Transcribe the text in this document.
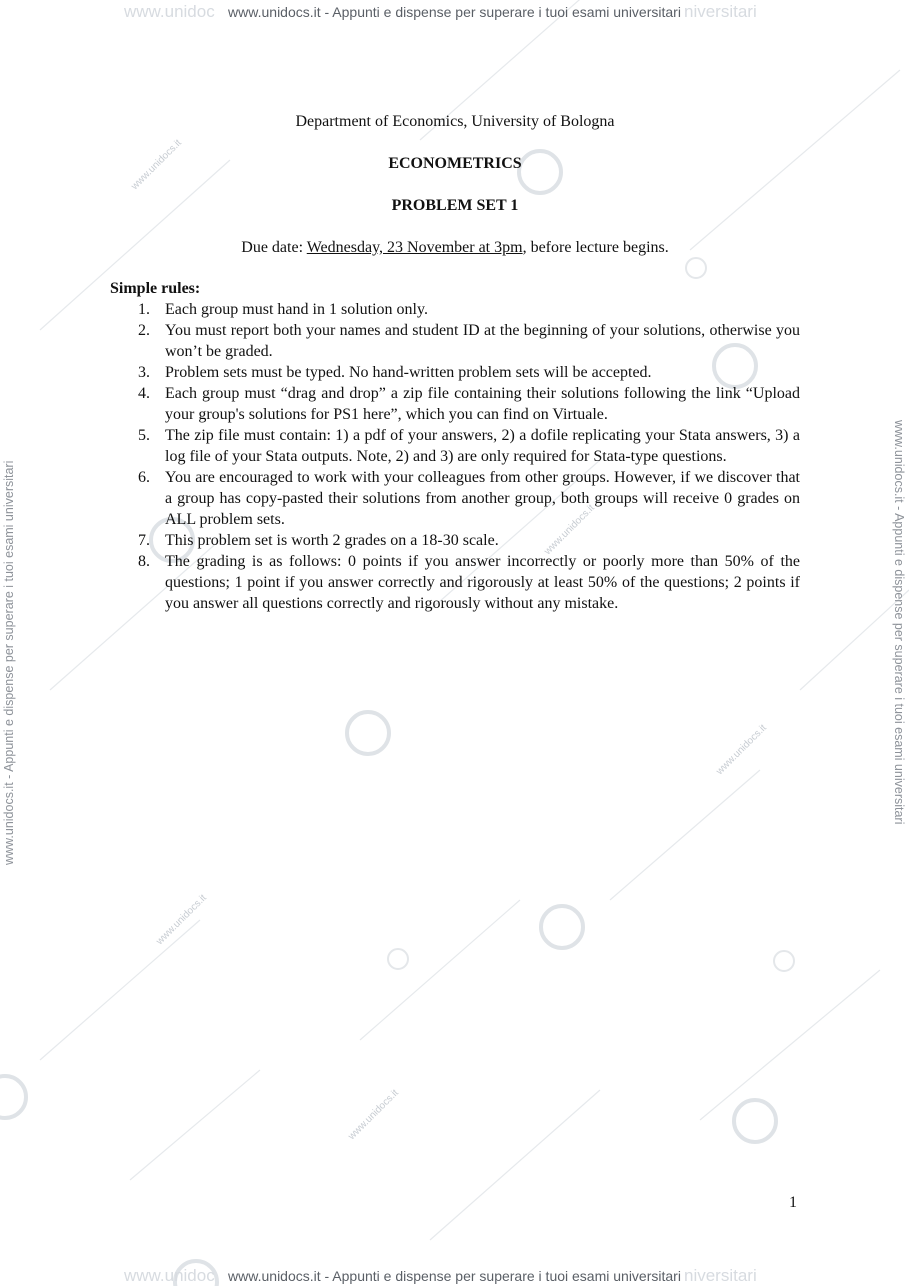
www.unidocs.it
www.unidocs.it
www.unidocs.it
www.unidocs.it
www.unidocs.it
www.unidoc	niversitari
www.unidoc	niversitari
www.unidocs.it - Appunti e dispense per superare i tuoi esami universitari
www.unidocs.it - Appunti e dispense per superare i tuoi esami universitari
www.unidocs.it - Appunti e dispense per superare i tuoi esami universitari	www.unidocs.it - Appunti e dispense per superare i tuoi esami universitari

Department of Economics, University of Bologna

ECONOMETRICS

PROBLEM SET 1

Due date: Wednesday, 23 November at 3pm, before lecture begins.

Simple rules:

1. Each group must hand in 1 solution only.
2. You must report both your names and student ID at the beginning of your solutions, otherwise you won’t be graded.
3. Problem sets must be typed. No hand-written problem sets will be accepted.
4. Each group must “drag and drop” a zip file containing their solutions following the link “Upload your group's solutions for PS1 here”, which you can find on Virtuale.
5. The zip file must contain: 1) a pdf of your answers, 2) a dofile replicating your Stata answers, 3) a log file of your Stata outputs. Note, 2) and 3) are only required for Stata-type questions.
6. You are encouraged to work with your colleagues from other groups. However, if we discover that a group has copy-pasted their solutions from another group, both groups will receive 0 grades on ALL problem sets.
7. This problem set is worth 2 grades on a 18-30 scale.
8. The grading is as follows: 0 points if you answer incorrectly or poorly more than 50% of the questions; 1 point if you answer correctly and rigorously at least 50% of the questions; 2 points if you answer all questions correctly and rigorously without any mistake.
1
